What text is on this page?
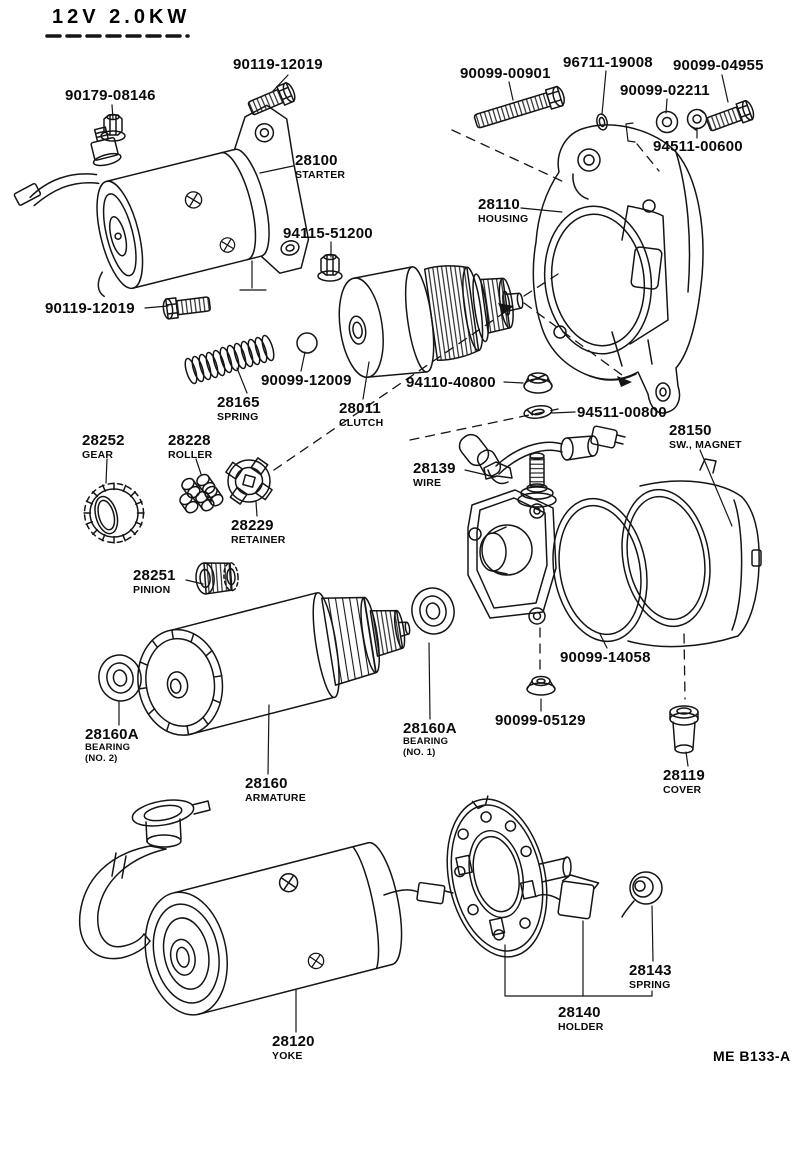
12V 2.0KW
ME B133-A
90119-12019
90179-08146
28100
STARTER
90099-00901
96711-19008 90099-04955
90099-02211
94511-00600
28110
HOUSING
94115-51200
90119-12019
90099-12009	94110-40800
28165
SPRING	28011
CLUTCH
94511-00800
28252
GEAR
28228
ROLLER
28139
WIRE
28150
SW., MAGNET
28229
RETAINER
28251
PINION
90099-14058
28160A
BEARING
(NO. 2)
28160A
BEARING
(NO. 1)
90099-05129
28119
COVER
28160
ARMATURE
28120
YOKE
28143
SPRING
28140
HOLDER
